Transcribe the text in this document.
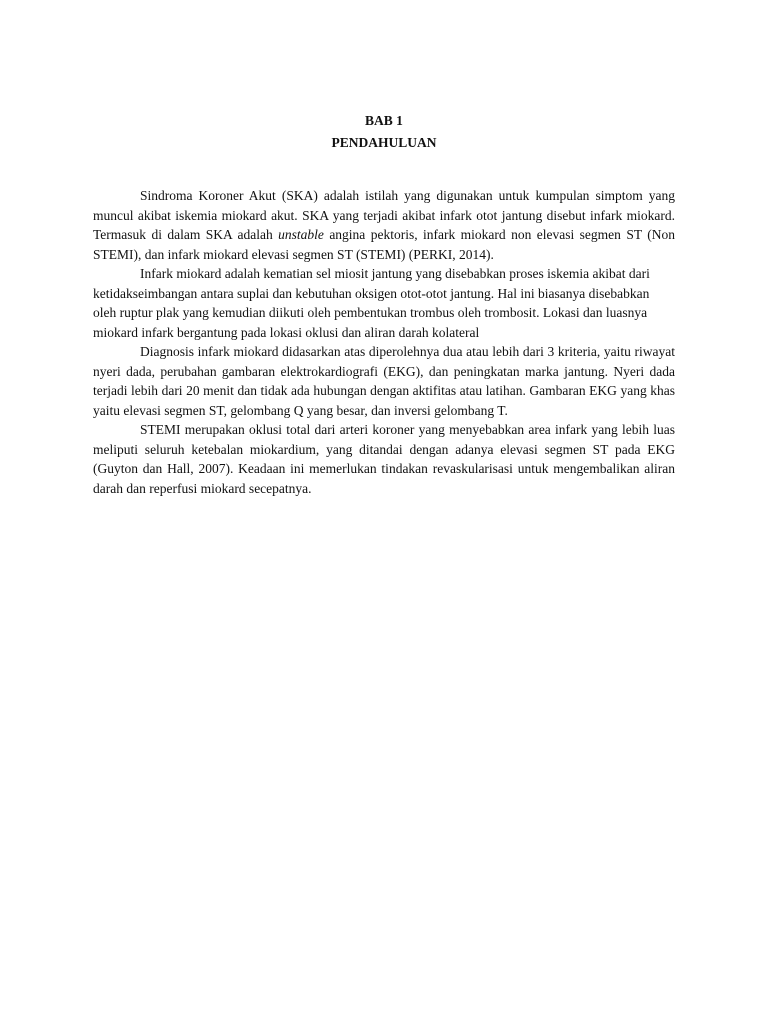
BAB 1
PENDAHULUAN

Sindroma Koroner Akut (SKA) adalah istilah yang digunakan untuk kumpulan simptom yang muncul akibat iskemia miokard akut. SKA yang terjadi akibat infark otot jantung disebut infark miokard. Termasuk di dalam SKA adalah unstable angina pektoris, infark miokard non elevasi segmen ST (Non STEMI), dan infark miokard elevasi segmen ST (STEMI) (PERKI, 2014).

Infark miokard adalah kematian sel miosit jantung yang disebabkan proses iskemia akibat dari ketidakseimbangan antara suplai dan kebutuhan oksigen otot-otot jantung. Hal ini biasanya disebabkan oleh ruptur plak yang kemudian diikuti oleh pembentukan trombus oleh trombosit. Lokasi dan luasnya miokard infark bergantung pada lokasi oklusi dan aliran darah kolateral

Diagnosis infark miokard didasarkan atas diperolehnya dua atau lebih dari 3 kriteria, yaitu riwayat nyeri dada, perubahan gambaran elektrokardiografi (EKG), dan peningkatan marka jantung. Nyeri dada terjadi lebih dari 20 menit dan tidak ada hubungan dengan aktifitas atau latihan. Gambaran EKG yang khas yaitu elevasi segmen ST, gelombang Q yang besar, dan inversi gelombang T.

STEMI merupakan oklusi total dari arteri koroner yang menyebabkan area infark yang lebih luas meliputi seluruh ketebalan miokardium, yang ditandai dengan adanya elevasi segmen ST pada EKG (Guyton dan Hall, 2007). Keadaan ini memerlukan tindakan revaskularisasi untuk mengembalikan aliran darah dan reperfusi miokard secepatnya.
